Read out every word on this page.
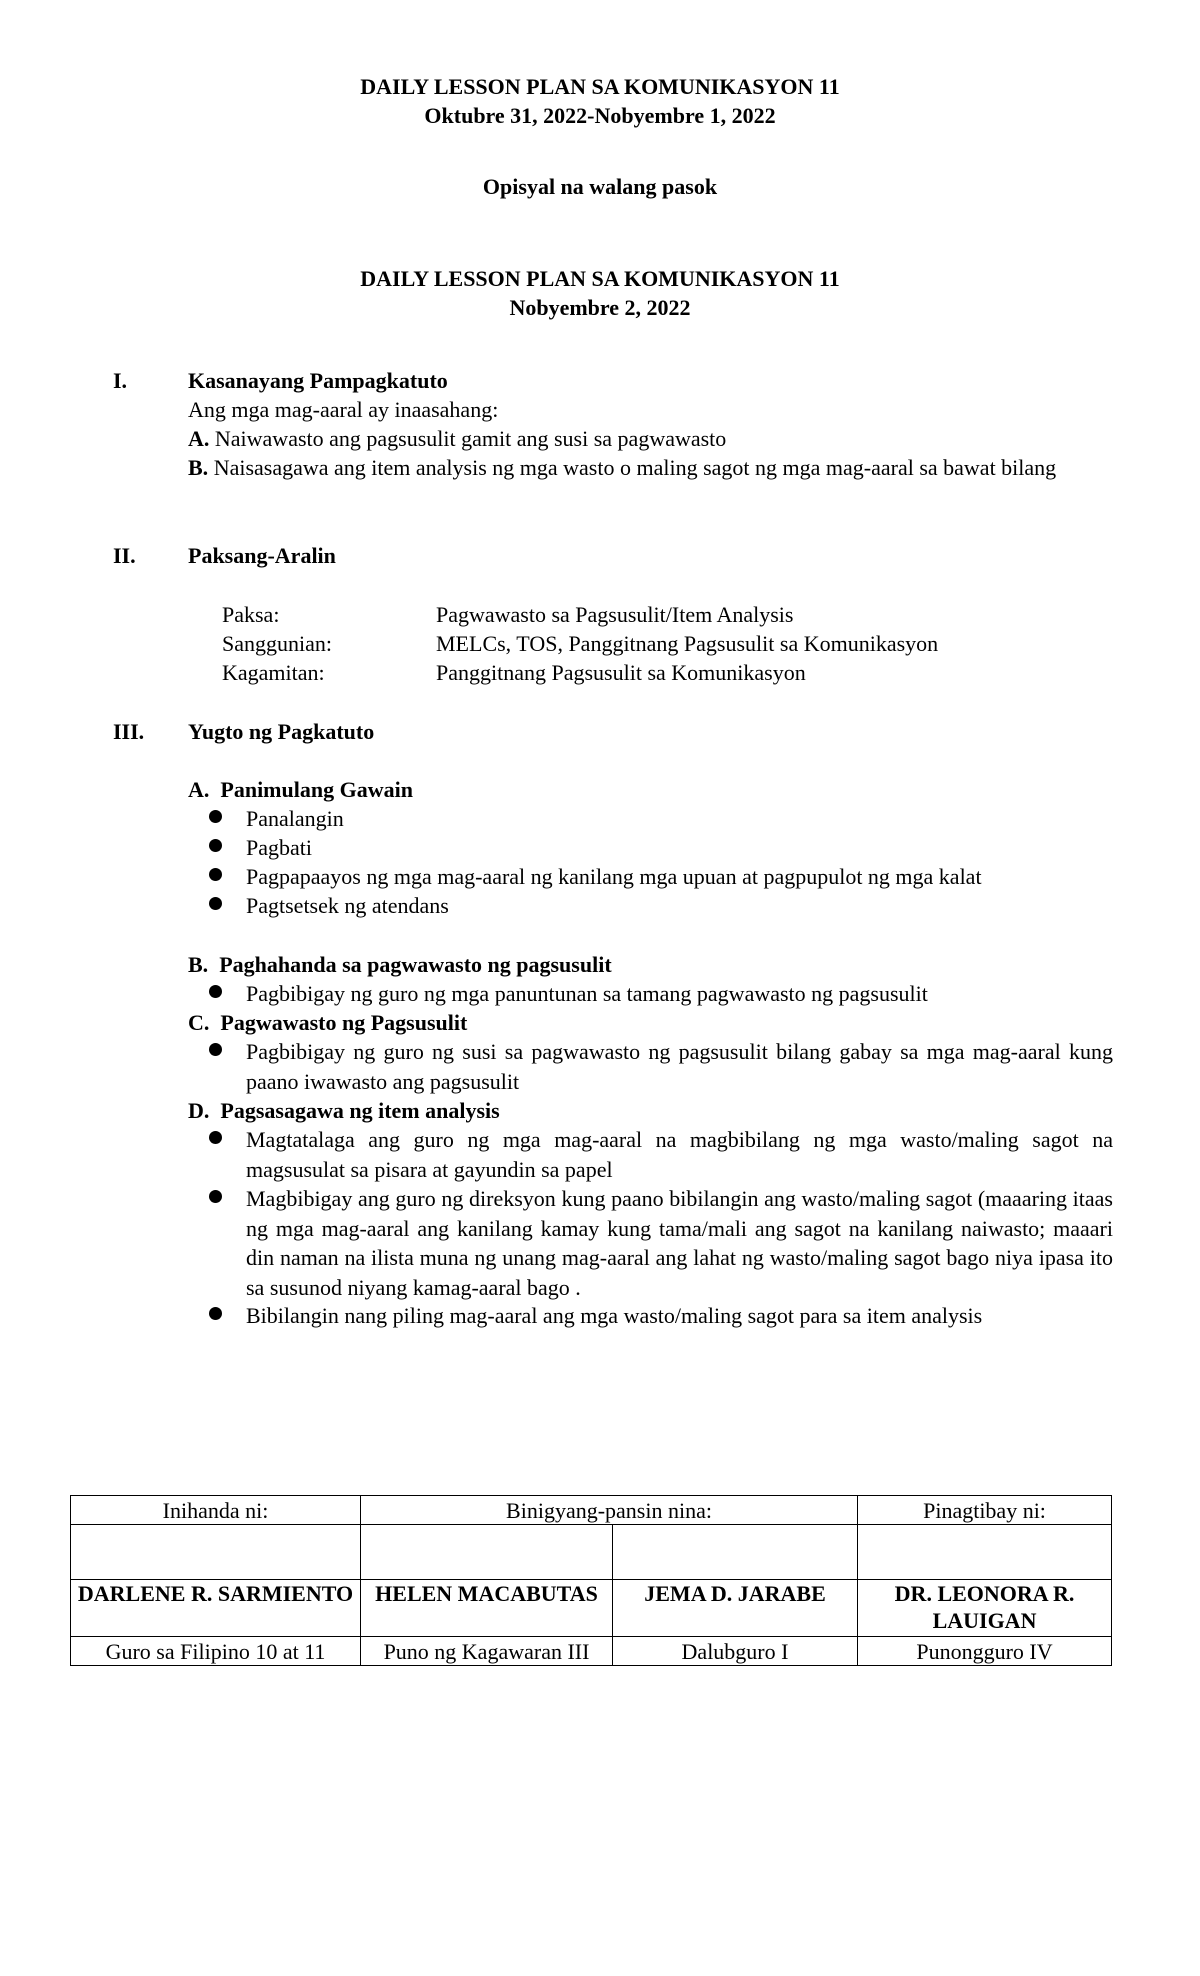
DAILY LESSON PLAN SA KOMUNIKASYON 11
Oktubre 31, 2022-Nobyembre 1, 2022
Opisyal na walang pasok
DAILY LESSON PLAN SA KOMUNIKASYON 11
Nobyembre 2, 2022
I.	Kasanayang Pampagkatuto
Ang mga mag-aaral ay inaasahang:
A. Naiwawasto ang pagsusulit gamit ang susi sa pagwawasto
B. Naisasagawa ang item analysis ng mga wasto o maling sagot ng mga mag-aaral sa bawat bilang
II. Paksang-Aralin
Paksa:	Pagwawasto sa Pagsusulit/Item Analysis
Sanggunian:	MELCs, TOS, Panggitnang Pagsusulit sa Komunikasyon
Kagamitan:	Panggitnang Pagsusulit sa Komunikasyon
III. Yugto ng Pagkatuto
A. Panimulang Gawain
Panalangin
Pagbati
Pagpapaayos ng mga mag-aaral ng kanilang mga upuan at pagpupulot ng mga kalat
Pagtsetsek ng atendans
B. Paghahanda sa pagwawasto ng pagsusulit
Pagbibigay ng guro ng mga panuntunan sa tamang pagwawasto ng pagsusulit
C. Pagwawasto ng Pagsusulit
Pagbibigay ng guro ng susi sa pagwawasto ng pagsusulit bilang gabay sa mga mag-aaral kung paano iwawasto ang pagsusulit
D. Pagsasagawa ng item analysis
Magtatalaga ang guro ng mga mag-aaral na magbibilang ng mga wasto/maling sagot na magsusulat sa pisara at gayundin sa papel
Magbibigay ang guro ng direksyon kung paano bibilangin ang wasto/maling sagot (maaaring itaas ng mga mag-aaral ang kanilang kamay kung tama/mali ang sagot na kanilang naiwasto; maaari din naman na ilista muna ng unang mag-aaral ang lahat ng wasto/maling sagot bago niya ipasa ito sa susunod niyang kamag-aaral bago .
Bibilangin nang piling mag-aaral ang mga wasto/maling sagot para sa item analysis
Inihanda ni:	Binigyang-pansin nina:		Pinagtibay ni:

DARLENE R. SARMIENTO	HELEN MACABUTAS	JEMA D. JARABE	DR. LEONORA R. LAUIGAN
Guro sa Filipino 10 at 11	Puno ng Kagawaran III	Dalubguro I	Punongguro IV
